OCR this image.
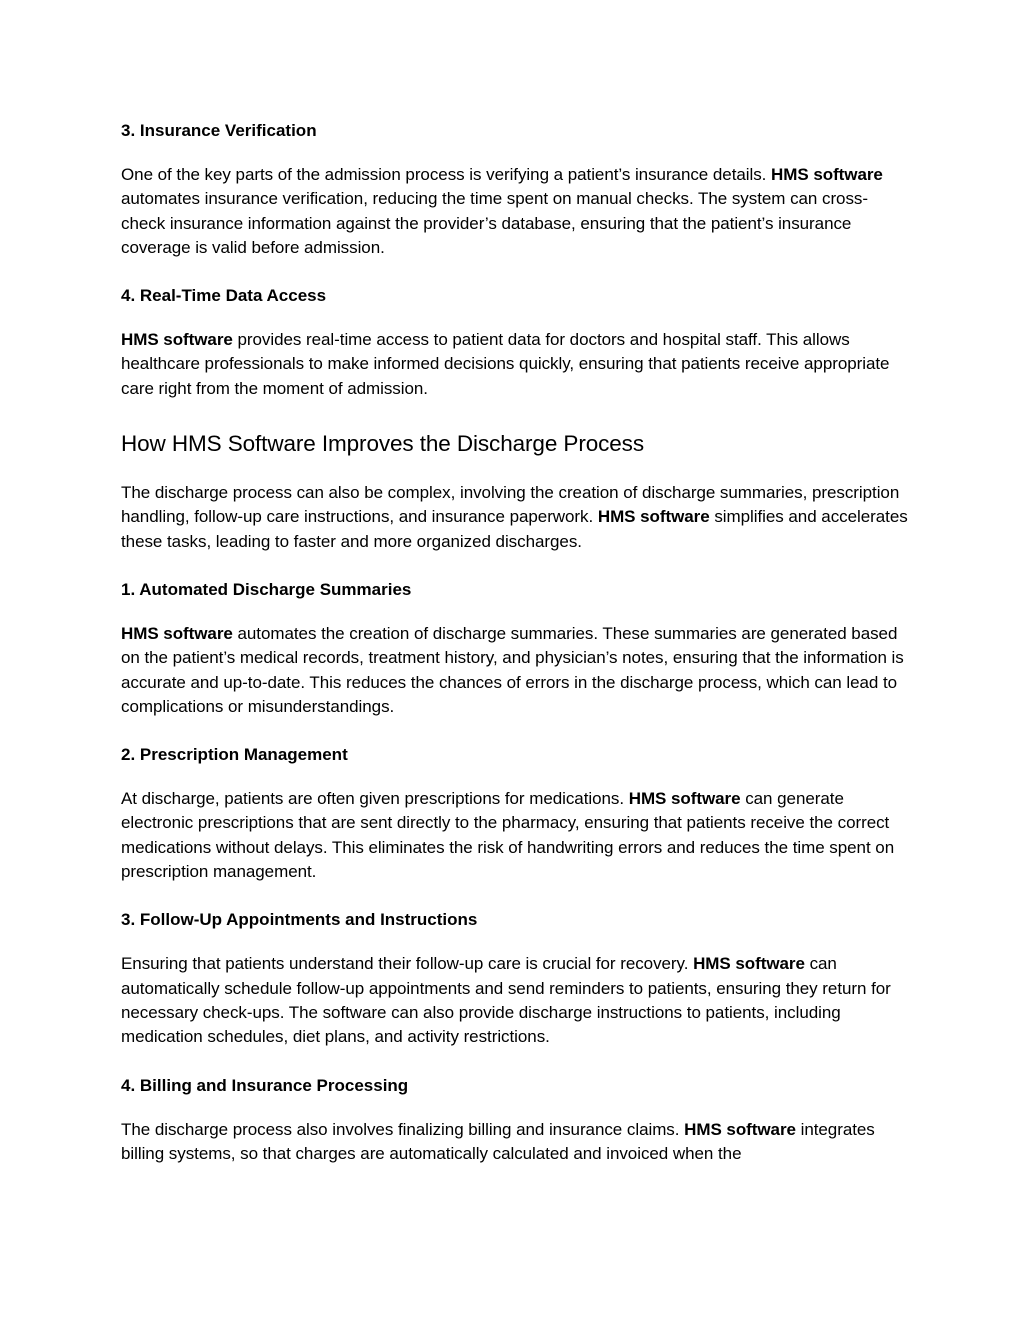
3. Insurance Verification

One of the key parts of the admission process is verifying a patient’s insurance details. HMS software automates insurance verification, reducing the time spent on manual checks. The system can cross-check insurance information against the provider’s database, ensuring that the patient’s insurance coverage is valid before admission.

4. Real-Time Data Access

HMS software provides real-time access to patient data for doctors and hospital staff. This allows healthcare professionals to make informed decisions quickly, ensuring that patients receive appropriate care right from the moment of admission.

How HMS Software Improves the Discharge Process

The discharge process can also be complex, involving the creation of discharge summaries, prescription handling, follow-up care instructions, and insurance paperwork. HMS software simplifies and accelerates these tasks, leading to faster and more organized discharges.

1. Automated Discharge Summaries

HMS software automates the creation of discharge summaries. These summaries are generated based on the patient’s medical records, treatment history, and physician’s notes, ensuring that the information is accurate and up-to-date. This reduces the chances of errors in the discharge process, which can lead to complications or misunderstandings.

2. Prescription Management

At discharge, patients are often given prescriptions for medications. HMS software can generate electronic prescriptions that are sent directly to the pharmacy, ensuring that patients receive the correct medications without delays. This eliminates the risk of handwriting errors and reduces the time spent on prescription management.

3. Follow-Up Appointments and Instructions

Ensuring that patients understand their follow-up care is crucial for recovery. HMS software can automatically schedule follow-up appointments and send reminders to patients, ensuring they return for necessary check-ups. The software can also provide discharge instructions to patients, including medication schedules, diet plans, and activity restrictions.

4. Billing and Insurance Processing

The discharge process also involves finalizing billing and insurance claims. HMS software integrates billing systems, so that charges are automatically calculated and invoiced when the
